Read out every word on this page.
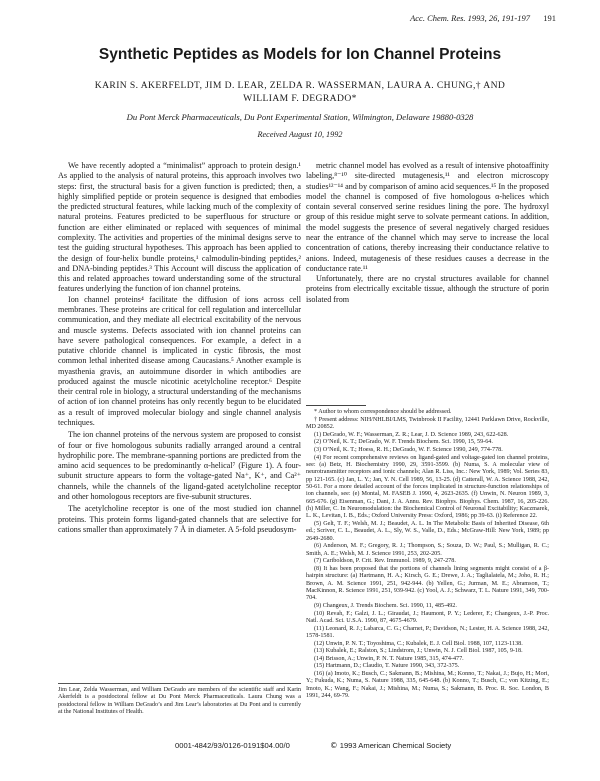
Acc. Chem. Res. 1993, 26, 191-197 191
Synthetic Peptides as Models for Ion Channel Proteins
KARIN S. AKERFELDT, JIM D. LEAR, ZELDA R. WASSERMAN, LAURA A. CHUNG,† AND
WILLIAM F. DEGRADO*
Du Pont Merck Pharmaceuticals, Du Pont Experimental Station, Wilmington, Delaware 19880-0328
Received August 10, 1992

We have recently adopted a “minimalist” approach to protein design.¹ As applied to the analysis of natural proteins, this approach involves two steps: first, the structural basis for a given function is predicted; then, a highly simplified peptide or protein sequence is designed that embodies the predicted structural features, while lacking much of the complexity of natural proteins. Features predicted to be superfluous for structure or function are either eliminated or replaced with sequences of minimal complexity. The activities and properties of the minimal designs serve to test the guiding structural hypotheses. This approach has been applied to the design of four-helix bundle proteins,¹ calmodulin-binding peptides,² and DNA-binding peptides.³ This Account will discuss the application of this and related approaches toward understanding some of the structural features underlying the function of ion channel proteins.

Ion channel proteins⁴ facilitate the diffusion of ions across cell membranes. These proteins are critical for cell regulation and intercellular communication, and they mediate all electrical excitability of the nervous and muscle systems. Defects associated with ion channel proteins can have severe pathological consequences. For example, a defect in a putative chloride channel is implicated in cystic fibrosis, the most common lethal inherited disease among Caucasians.⁵ Another example is myasthenia gravis, an autoimmune disorder in which antibodies are produced against the muscle nicotinic acetylcholine receptor.⁶ Despite their central role in biology, a structural understanding of the mechanisms of action of ion channel proteins has only recently begun to be elucidated as a result of improved molecular biology and single channel analysis techniques.

The ion channel proteins of the nervous system are proposed to consist of four or five homologous subunits radially arranged around a central hydrophilic pore. The membrane-spanning portions are predicted from the amino acid sequences to be predominantly α-helical⁷ (Figure 1). A four-subunit structure appears to form the voltage-gated Na⁺, K⁺, and Ca²⁺ channels, while the channels of the ligand-gated acetylcholine receptor and other homologous receptors are five-subunit structures.

The acetylcholine receptor is one of the most studied ion channel proteins. This protein forms ligand-gated channels that are selective for cations smaller than approximately 7 Å in diameter. A 5-fold pseudosym-

Jim Lear, Zelda Wasserman, and William DeGrado are members of the scientific staff and Karin Akerfeldt is a postdoctoral fellow at Du Pont Merck Pharmaceuticals. Laura Chung was a postdoctoral fellow in William DeGrado’s and Jim Lear’s laboratories at Du Pont and is currently at the National Institutes of Health.

metric channel model has evolved as a result of intensive photoaffinity labeling,⁸⁻¹⁰ site-directed mutagenesis,¹¹ and electron microscopy studies¹²⁻¹⁴ and by comparison of amino acid sequences.¹⁵ In the proposed model the channel is composed of five homologous α-helices which contain several conserved serine residues lining the pore. The hydroxyl group of this residue might serve to solvate permeant cations. In addition, the model suggests the presence of several negatively charged residues near the entrance of the channel which may serve to increase the local concentration of cations, thereby increasing their conductance relative to anions. Indeed, mutagenesis of these residues causes a decrease in the conductance rate.¹¹

Unfortunately, there are no crystal structures available for channel proteins from electrically excitable tissue, although the structure of porin isolated from

* Author to whom correspondence should be addressed.

† Present address: NIH/NHLBI/LMS, Twinbrook II Facility, 12441 Parklawn Drive, Rockville, MD 20852.

(1) DeGrado, W. F.; Wasserman, Z. R.; Lear, J. D. Science 1989, 243, 622-628.

(2) O’Neil, K. T.; DeGrado, W. F. Trends Biochem. Sci. 1990, 15, 59-64.

(3) O’Neil, K. T.; Hoess, R. H.; DeGrado, W. F. Science 1990, 249, 774-778.

(4) For recent comprehensive reviews on ligand-gated and voltage-gated ion channel proteins, see: (a) Betz, H. Biochemistry 1990, 29, 3591-3599. (b) Numa, S. A molecular view of neurotransmitter receptors and ionic channels; Alan R. Liss, Inc.: New York, 1989; Vol. Series 83, pp 121-165. (c) Jan, L. Y.; Jan, Y. N. Cell 1989, 56, 13-25. (d) Catterall, W. A. Science 1988, 242, 50-61. For a more detailed account of the forces implicated in structure-function relationships of ion channels, see: (e) Montal, M. FASEB J. 1990, 4, 2623-2635. (f) Unwin, N. Neuron 1989, 3, 665-676. (g) Eisenman, G.; Dani, J. A. Annu. Rev. Biophys. Biophys. Chem. 1987, 16, 205-226. (h) Miller, C. In Neuromodulation: the Biochemical Control of Neuronal Excitability; Kaczmarek, L. K., Levitan, I. B., Eds.; Oxford University Press: Oxford, 1986; pp 39-63. (i) Reference 22.

(5) Gelt, T. F.; Welsh, M. J.; Beaudet, A. L. In The Metabolic Basis of Inherited Disease, 6th ed.; Scriver, C. L., Beaudet, A. L., Sly, W. S., Valle, D., Eds.; McGraw-Hill: New York, 1989; pp 2649-2680.

(6) Anderson, M. F.; Gregory, R. J.; Thompson, S.; Souza, D. W.; Paul, S.; Mulligan, R. C.; Smith, A. E.; Welsh, M. J. Science 1991, 253, 202-205.

(7) Cariboldson, P. Crit. Rev. Immunol. 1989, 9, 247-278.

(8) It has been proposed that the portions of channels lining segments might consist of a β-hairpin structure: (a) Hartmann, H. A.; Kirsch, G. E.; Drewe, J. A.; Taglialatela, M.; Joho, R. H.; Brown, A. M. Science 1991, 251, 942-944. (b) Yellen, G.; Jurman, M. E.; Abramson, T.; MacKinnon, R. Science 1991, 251, 939-942. (c) Yool, A. J.; Schwarz, T. L. Nature 1991, 349, 700-704.

(9) Changeux, J. Trends Biochem. Sci. 1990, 11, 485-492.

(10) Revah, F.; Galzi, J. L.; Giraudat, J.; Haumont, P. Y.; Lederer, F.; Changeux, J.-P. Proc. Natl. Acad. Sci. U.S.A. 1990, 87, 4675-4679.

(11) Leonard, R. J.; Labarca, C. G.; Charnet, P.; Davidson, N.; Lester, H. A. Science 1988, 242, 1578-1581.

(12) Unwin, P. N. T.; Toyoshima, C.; Kubalek, E. J. Cell Biol. 1988, 107, 1123-1138.

(13) Kubalek, E.; Ralston, S.; Lindstrom, J.; Unwin, N. J. Cell Biol. 1987, 105, 9-18.

(14) Brisson, A.; Unwin, P. N. T. Nature 1985, 315, 474-477.

(15) Hartmann, D.; Claudio, T. Nature 1990, 343, 372-375.

(16) (a) Imoto, K.; Busch, C.; Sakmann, B.; Mishina, M.; Konno, T.; Nakai, J.; Bujo, H.; Mori, Y.; Fukuda, K.; Numa, S. Nature 1988, 335, 645-648. (b) Konno, T.; Busch, C.; von Kitzing, E.; Imoto, K.; Wang, F.; Nakai, J.; Mishina, M.; Numa, S.; Sakmann, B. Proc. R. Soc. London, B 1991, 244, 69-79.

0001-4842/93/0126-0191$04.00/0	© 1993 American Chemical Society
